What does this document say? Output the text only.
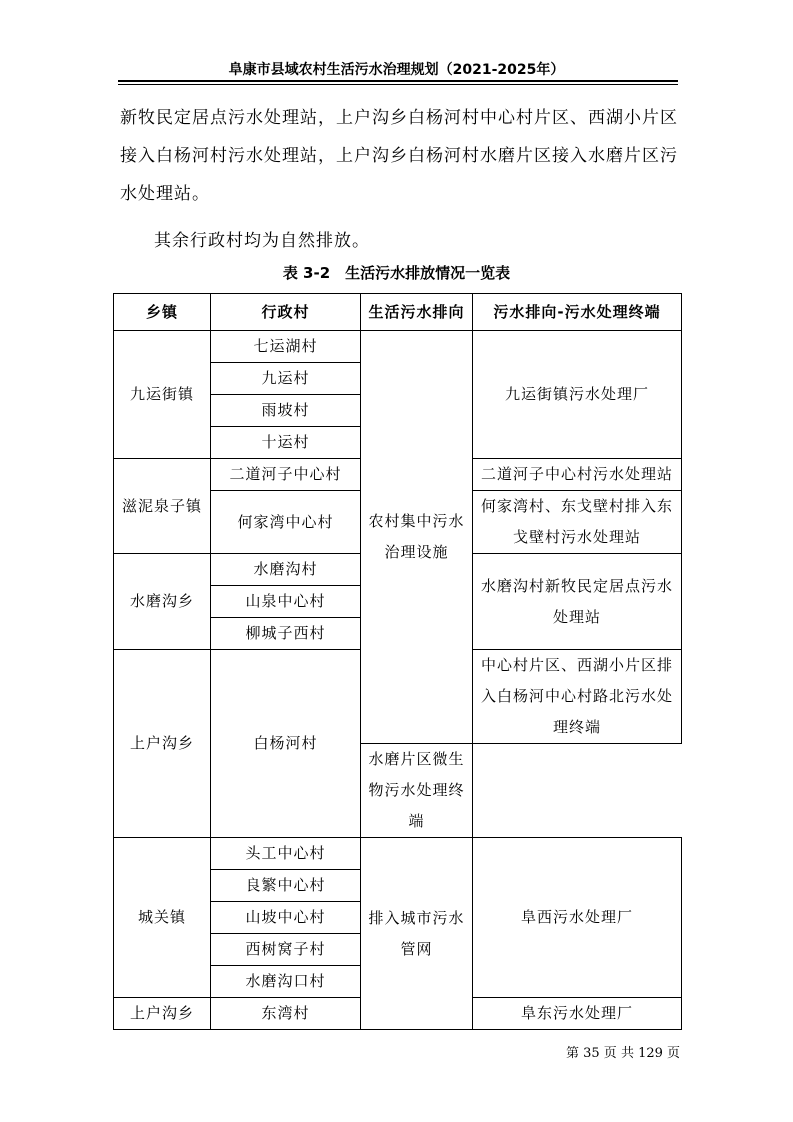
阜康市县域农村生活污水治理规划（2021-2025年）
新牧民定居点污水处理站，上户沟乡白杨河村中心村片区、西湖小片区接入白杨河村污水处理站，上户沟乡白杨河村水磨片区接入水磨片区污水处理站。
其余行政村均为自然排放。
表 3-2　生活污水排放情况一览表
乡镇	行政村	生活污水排向	污水排向-污水处理终端
九运街镇	七运湖村	农村集中污水治理设施	九运街镇污水处理厂
	九运村		
	雨坡村		
	十运村		
滋泥泉子镇	二道河子中心村		二道河子中心村污水处理站
	何家湾中心村		何家湾村、东戈壁村排入东戈壁村污水处理站
水磨沟乡	水磨沟村		水磨沟村新牧民定居点污水处理站
	山泉中心村		
	柳城子西村		
上户沟乡	白杨河村		中心村片区、西湖小片区排入白杨河中心村路北污水处理终端
		水磨片区微生物污水处理终端	
城关镇	头工中心村	排入城市污水管网	阜西污水处理厂
	良繁中心村		
	山坡中心村		
	西树窝子村		
	水磨沟口村		
上户沟乡	东湾村		阜东污水处理厂
第 35 页 共 129 页
